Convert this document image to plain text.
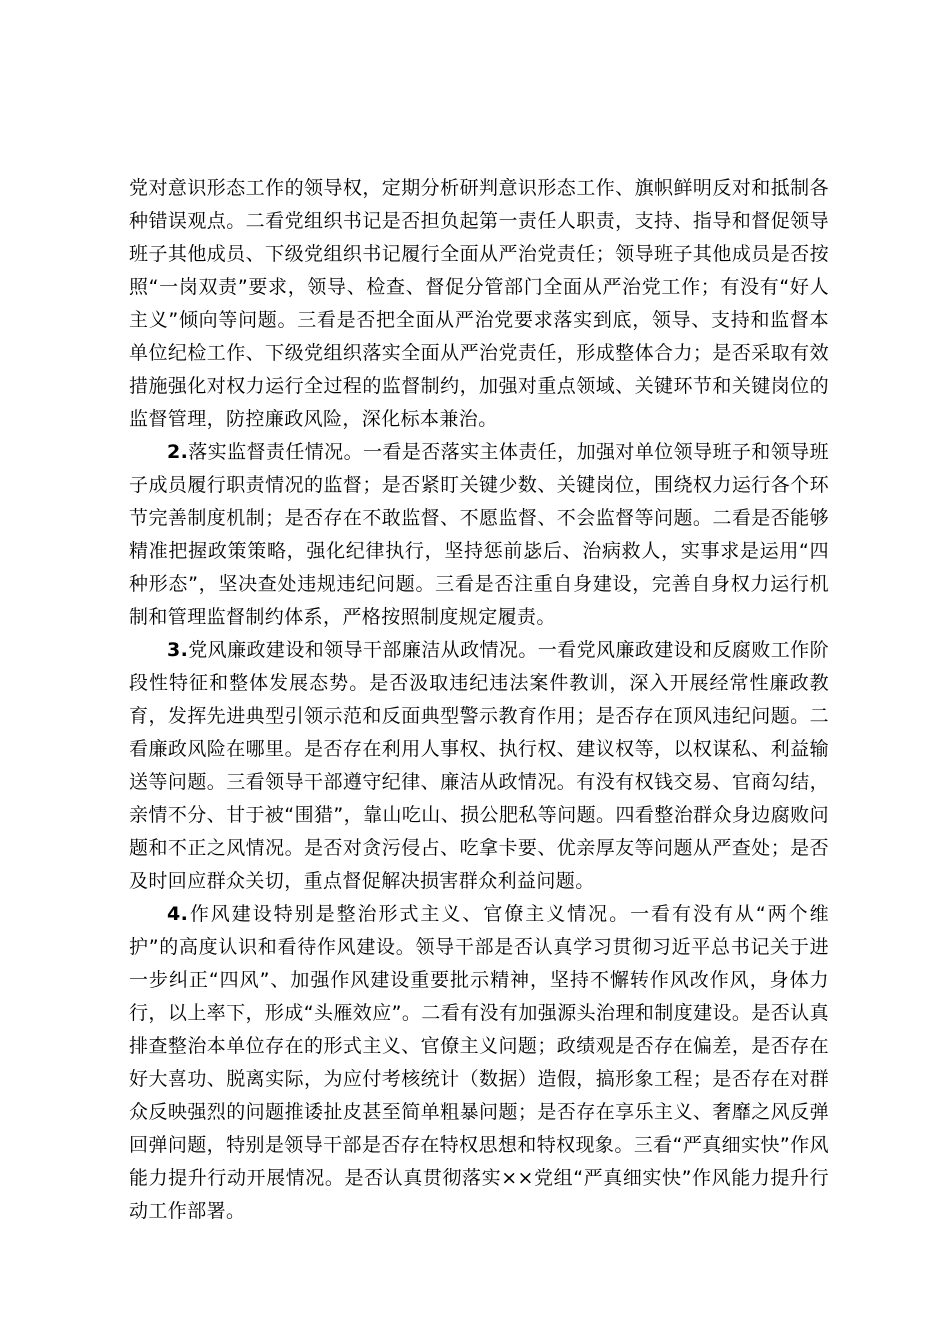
党对意识形态工作的领导权，定期分析研判意识形态工作、旗帜鲜明反对和抵制各种错误观点。二看党组织书记是否担负起第一责任人职责，支持、指导和督促领导班子其他成员、下级党组织书记履行全面从严治党责任；领导班子其他成员是否按照“一岗双责”要求，领导、检查、督促分管部门全面从严治党工作；有没有“好人主义”倾向等问题。三看是否把全面从严治党要求落实到底，领导、支持和监督本单位纪检工作、下级党组织落实全面从严治党责任，形成整体合力；是否采取有效措施强化对权力运行全过程的监督制约，加强对重点领域、关键环节和关键岗位的监督管理，防控廉政风险，深化标本兼治。

2.落实监督责任情况。一看是否落实主体责任，加强对单位领导班子和领导班子成员履行职责情况的监督；是否紧盯关键少数、关键岗位，围绕权力运行各个环节完善制度机制；是否存在不敢监督、不愿监督、不会监督等问题。二看是否能够精准把握政策策略，强化纪律执行，坚持惩前毖后、治病救人，实事求是运用“四种形态”，坚决查处违规违纪问题。三看是否注重自身建设，完善自身权力运行机制和管理监督制约体系，严格按照制度规定履责。

3.党风廉政建设和领导干部廉洁从政情况。一看党风廉政建设和反腐败工作阶段性特征和整体发展态势。是否汲取违纪违法案件教训，深入开展经常性廉政教育，发挥先进典型引领示范和反面典型警示教育作用；是否存在顶风违纪问题。二看廉政风险在哪里。是否存在利用人事权、执行权、建议权等，以权谋私、利益输送等问题。三看领导干部遵守纪律、廉洁从政情况。有没有权钱交易、官商勾结，亲情不分、甘于被“围猎”，靠山吃山、损公肥私等问题。四看整治群众身边腐败问题和不正之风情况。是否对贪污侵占、吃拿卡要、优亲厚友等问题从严查处；是否及时回应群众关切，重点督促解决损害群众利益问题。

4.作风建设特别是整治形式主义、官僚主义情况。一看有没有从“两个维护”的高度认识和看待作风建设。领导干部是否认真学习贯彻习近平总书记关于进一步纠正“四风”、加强作风建设重要批示精神，坚持不懈转作风改作风，身体力行，以上率下，形成“头雁效应”。二看有没有加强源头治理和制度建设。是否认真排查整治本单位存在的形式主义、官僚主义问题；政绩观是否存在偏差，是否存在好大喜功、脱离实际，为应付考核统计（数据）造假，搞形象工程；是否存在对群众反映强烈的问题推诿扯皮甚至简单粗暴问题；是否存在享乐主义、奢靡之风反弹回弹问题，特别是领导干部是否存在特权思想和特权现象。三看“严真细实快”作风能力提升行动开展情况。是否认真贯彻落实××党组“严真细实快”作风能力提升行动工作部署。
